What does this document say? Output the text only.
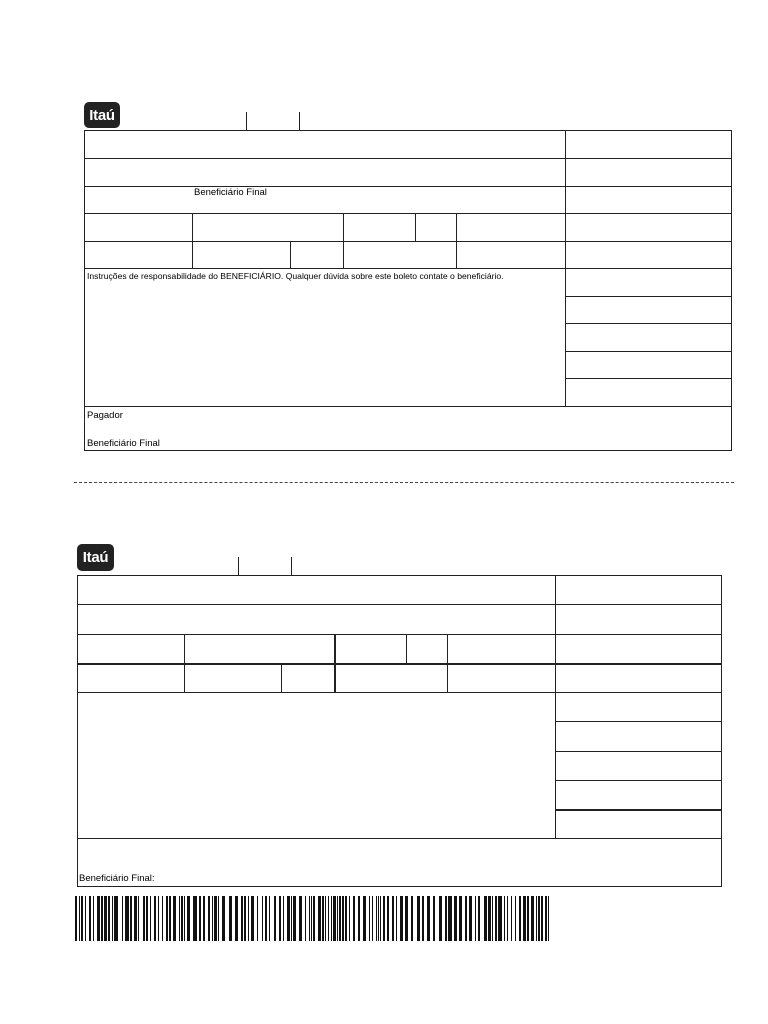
Itaú
Beneficiário Final
Instruções de responsabilidade do BENEFICIÁRIO. Qualquer dúvida sobre este boleto contate o beneficiário.
Pagador
Beneficiário Final
Itaú
Beneficiário Final:
